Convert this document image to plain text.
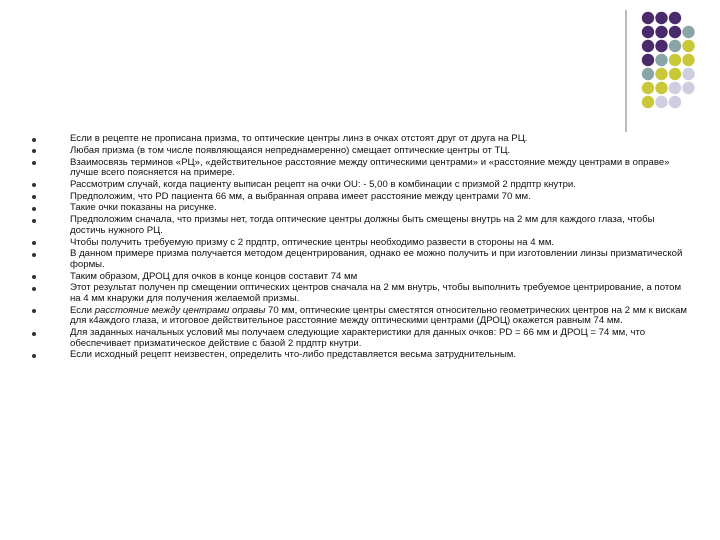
Если в рецепте не прописана призма, то оптические центры линз в очках отстоят друг от друга на РЦ.
Любая призма (в том числе появляющаяся непреднамеренно) смещает оптические центры от ТЦ.
Взаимосвязь терминов «РЦ», «действительное расстояние между оптическими центрами» и «расстояние между центрами в оправе» лучше всего поясняется на примере.
Рассмотрим случай, когда пациенту выписан рецепт на очки OU: - 5,00 в комбинации с призмой 2 прдптр кнутри.
Предположим, что PD пациента 66 мм, а выбранная оправа имеет расстояние между центрами 70 мм.
Такие очки показаны на рисунке.
Предположим сначала, что призмы нет, тогда оптические центры должны быть смещены внутрь на 2 мм для каждого глаза, чтобы достичь нужного РЦ.
Чтобы получить требуемую призму с 2 прдптр, оптические центры необходимо развести в стороны на 4 мм.
В данном примере призма получается методом децентрирования, однако ее можно получить и при изготовлении линзы призматической формы.
Таким образом, ДРОЦ для очков в конце концов составит 74 мм
Этот результат получен пр смещении оптических центров сначала на 2 мм внутрь, чтобы выполнить требуемое центрирование, а потом на 4 мм кнаружи для получения желаемой призмы.
Если расстояние между центрами оправы 70 мм, оптические центры сместятся относительно геометрических центров на 2 мм к вискам для к4аждого глаза, и итоговое действительное расстояние между оптическими центрами (ДРОЦ) окажется равным 74 мм.
Для заданных начальных условий мы получаем следующие характеристики для данных очков: PD = 66 мм и ДРОЦ = 74 мм, что обеспечивает призматическое действие с базой 2 прдптр кнутри.
Если исходный рецепт неизвестен, определить что-либо представляется весьма затруднительным.
